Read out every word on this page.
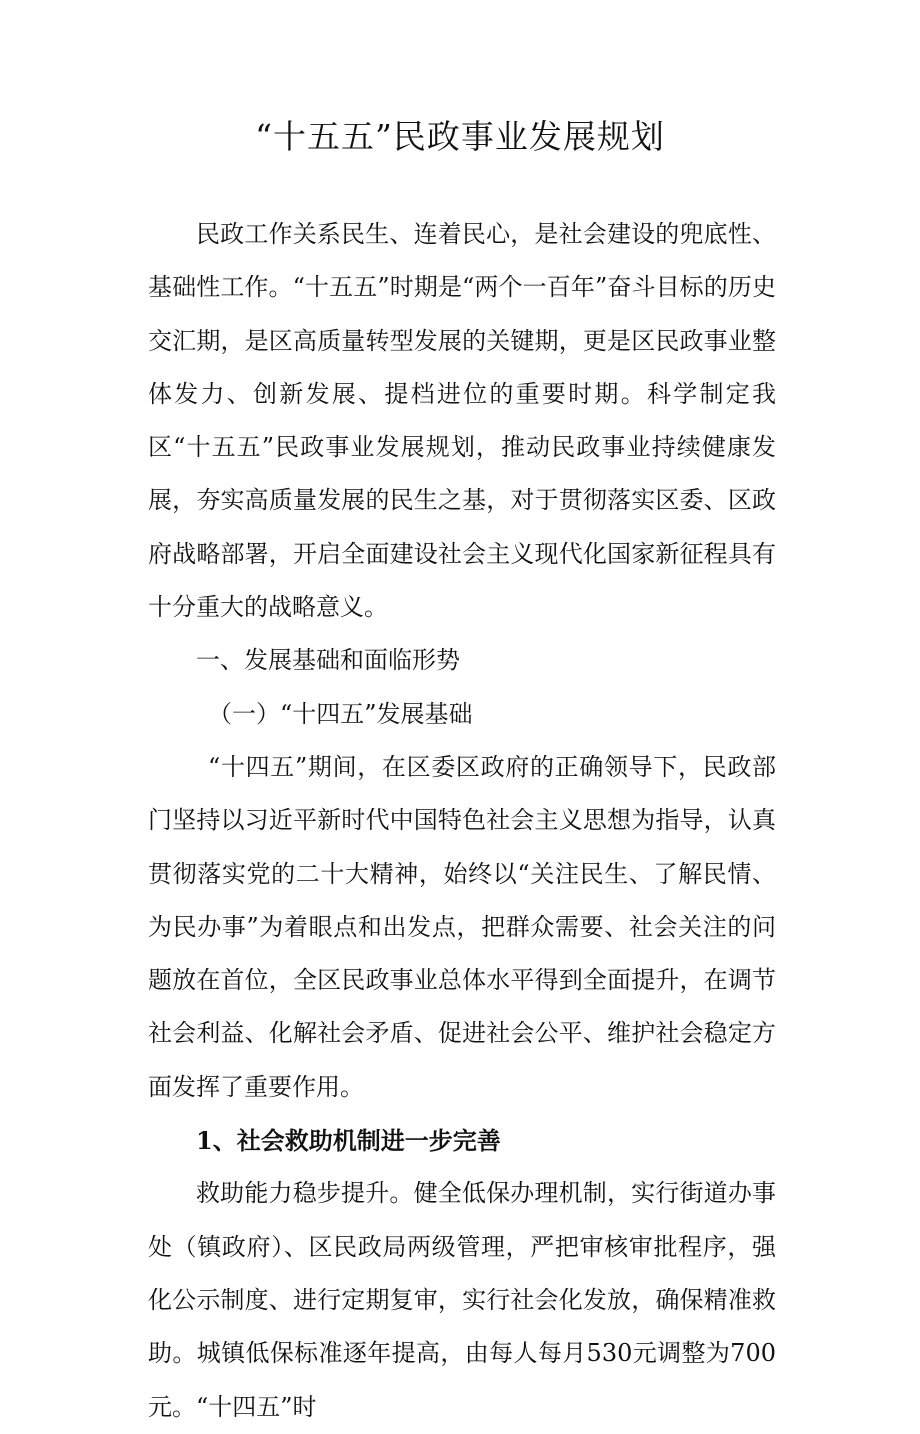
“十五五”民政事业发展规划

民政工作关系民生、连着民心，是社会建设的兜底性、基础性工作。“十五五”时期是“两个一百年”奋斗目标的历史交汇期，是区高质量转型发展的关键期，更是区民政事业整体发力、创新发展、提档进位的重要时期。科学制定我区“十五五”民政事业发展规划，推动民政事业持续健康发展，夯实高质量发展的民生之基，对于贯彻落实区委、区政府战略部署，开启全面建设社会主义现代化国家新征程具有十分重大的战略意义。

一、发展基础和面临形势

（一）“十四五”发展基础

“十四五”期间，在区委区政府的正确领导下，民政部门坚持以习近平新时代中国特色社会主义思想为指导，认真贯彻落实党的二十大精神，始终以“关注民生、了解民情、为民办事”为着眼点和出发点，把群众需要、社会关注的问题放在首位，全区民政事业总体水平得到全面提升，在调节社会利益、化解社会矛盾、促进社会公平、维护社会稳定方面发挥了重要作用。

1、社会救助机制进一步完善

救助能力稳步提升。健全低保办理机制，实行街道办事处（镇政府）、区民政局两级管理，严把审核审批程序，强化公示制度、进行定期复审，实行社会化发放，确保精准救助。城镇低保标准逐年提高，由每人每月530元调整为700元。“十四五”时
